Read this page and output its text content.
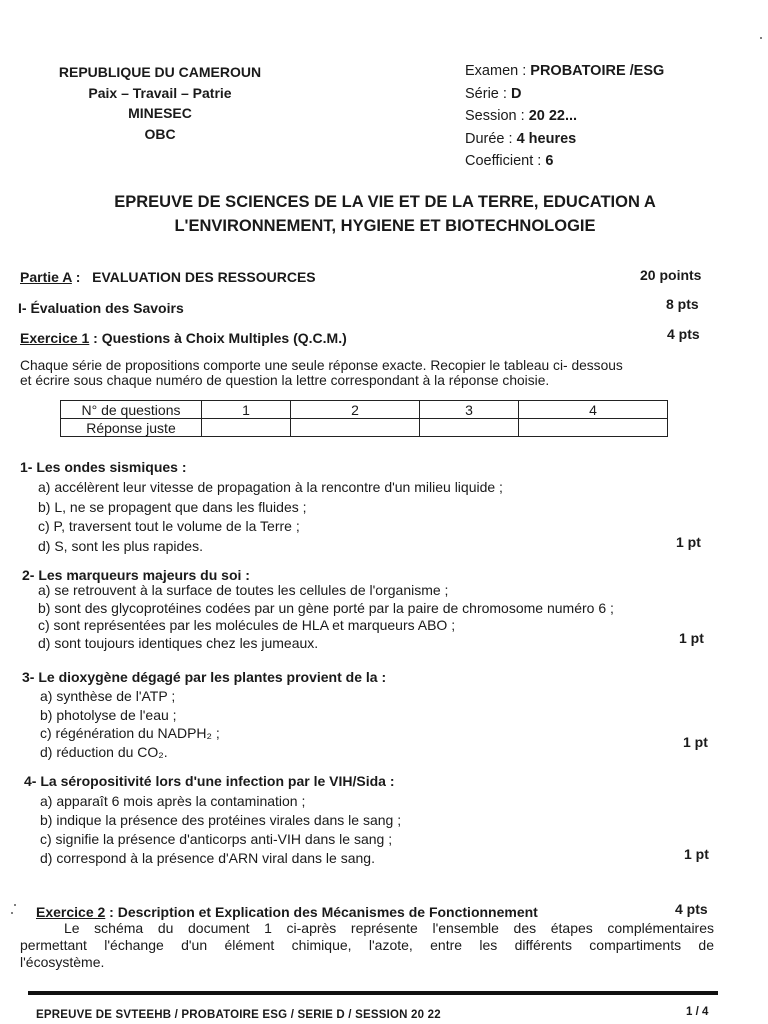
REPUBLIQUE DU CAMEROUN
Paix – Travail – Patrie
MINESEC
OBC
Examen : PROBATOIRE /ESG
Série : D
Session : 20 22...
Durée : 4 heures
Coefficient : 6
EPREUVE DE SCIENCES DE LA VIE ET DE LA TERRE, EDUCATION A
L'ENVIRONNEMENT, HYGIENE ET BIOTECHNOLOGIE
Partie A : EVALUATION DES RESSOURCES	20 points
I- Évaluation des Savoirs	8 pts
Exercice 1 : Questions à Choix Multiples (Q.C.M.)	4 pts
Chaque série de propositions comporte une seule réponse exacte. Recopier le tableau ci- dessous
et écrire sous chaque numéro de question la lettre correspondant à la réponse choisie.
N° de questions	1	2	3	4
Réponse juste				
1- Les ondes sismiques :
a) accélèrent leur vitesse de propagation à la rencontre d'un milieu liquide ;
b) L, ne se propagent que dans les fluides ;
c) P, traversent tout le volume de la Terre ;
d) S, sont les plus rapides.	1 pt
2- Les marqueurs majeurs du soi :
a) se retrouvent à la surface de toutes les cellules de l'organisme ;
b) sont des glycoprotéines codées par un gène porté par la paire de chromosome numéro 6 ;
c) sont représentées par les molécules de HLA et marqueurs ABO ;
d) sont toujours identiques chez les jumeaux.	1 pt
3- Le dioxygène dégagé par les plantes provient de la :
a) synthèse de l'ATP ;
b) photolyse de l'eau ;
c) régénération du NADPH₂ ;
d) réduction du CO₂.
1 pt
4- La séropositivité lors d'une infection par le VIH/Sida :
a) apparaît 6 mois après la contamination ;
b) indique la présence des protéines virales dans le sang ;
c) signifie la présence d'anticorps anti-VIH dans le sang ;
d) correspond à la présence d'ARN viral dans le sang.	1 pt
Exercice 2 : Description et Explication des Mécanismes de Fonctionnement	4 pts
Le schéma du document 1 ci-après représente l'ensemble des étapes complémentaires
permettant l'échange d'un élément chimique, l'azote, entre les différents compartiments de
l'écosystème.
EPREUVE DE SVTEEHB / PROBATOIRE ESG / SERIE D / SESSION 20 22	1 / 4
